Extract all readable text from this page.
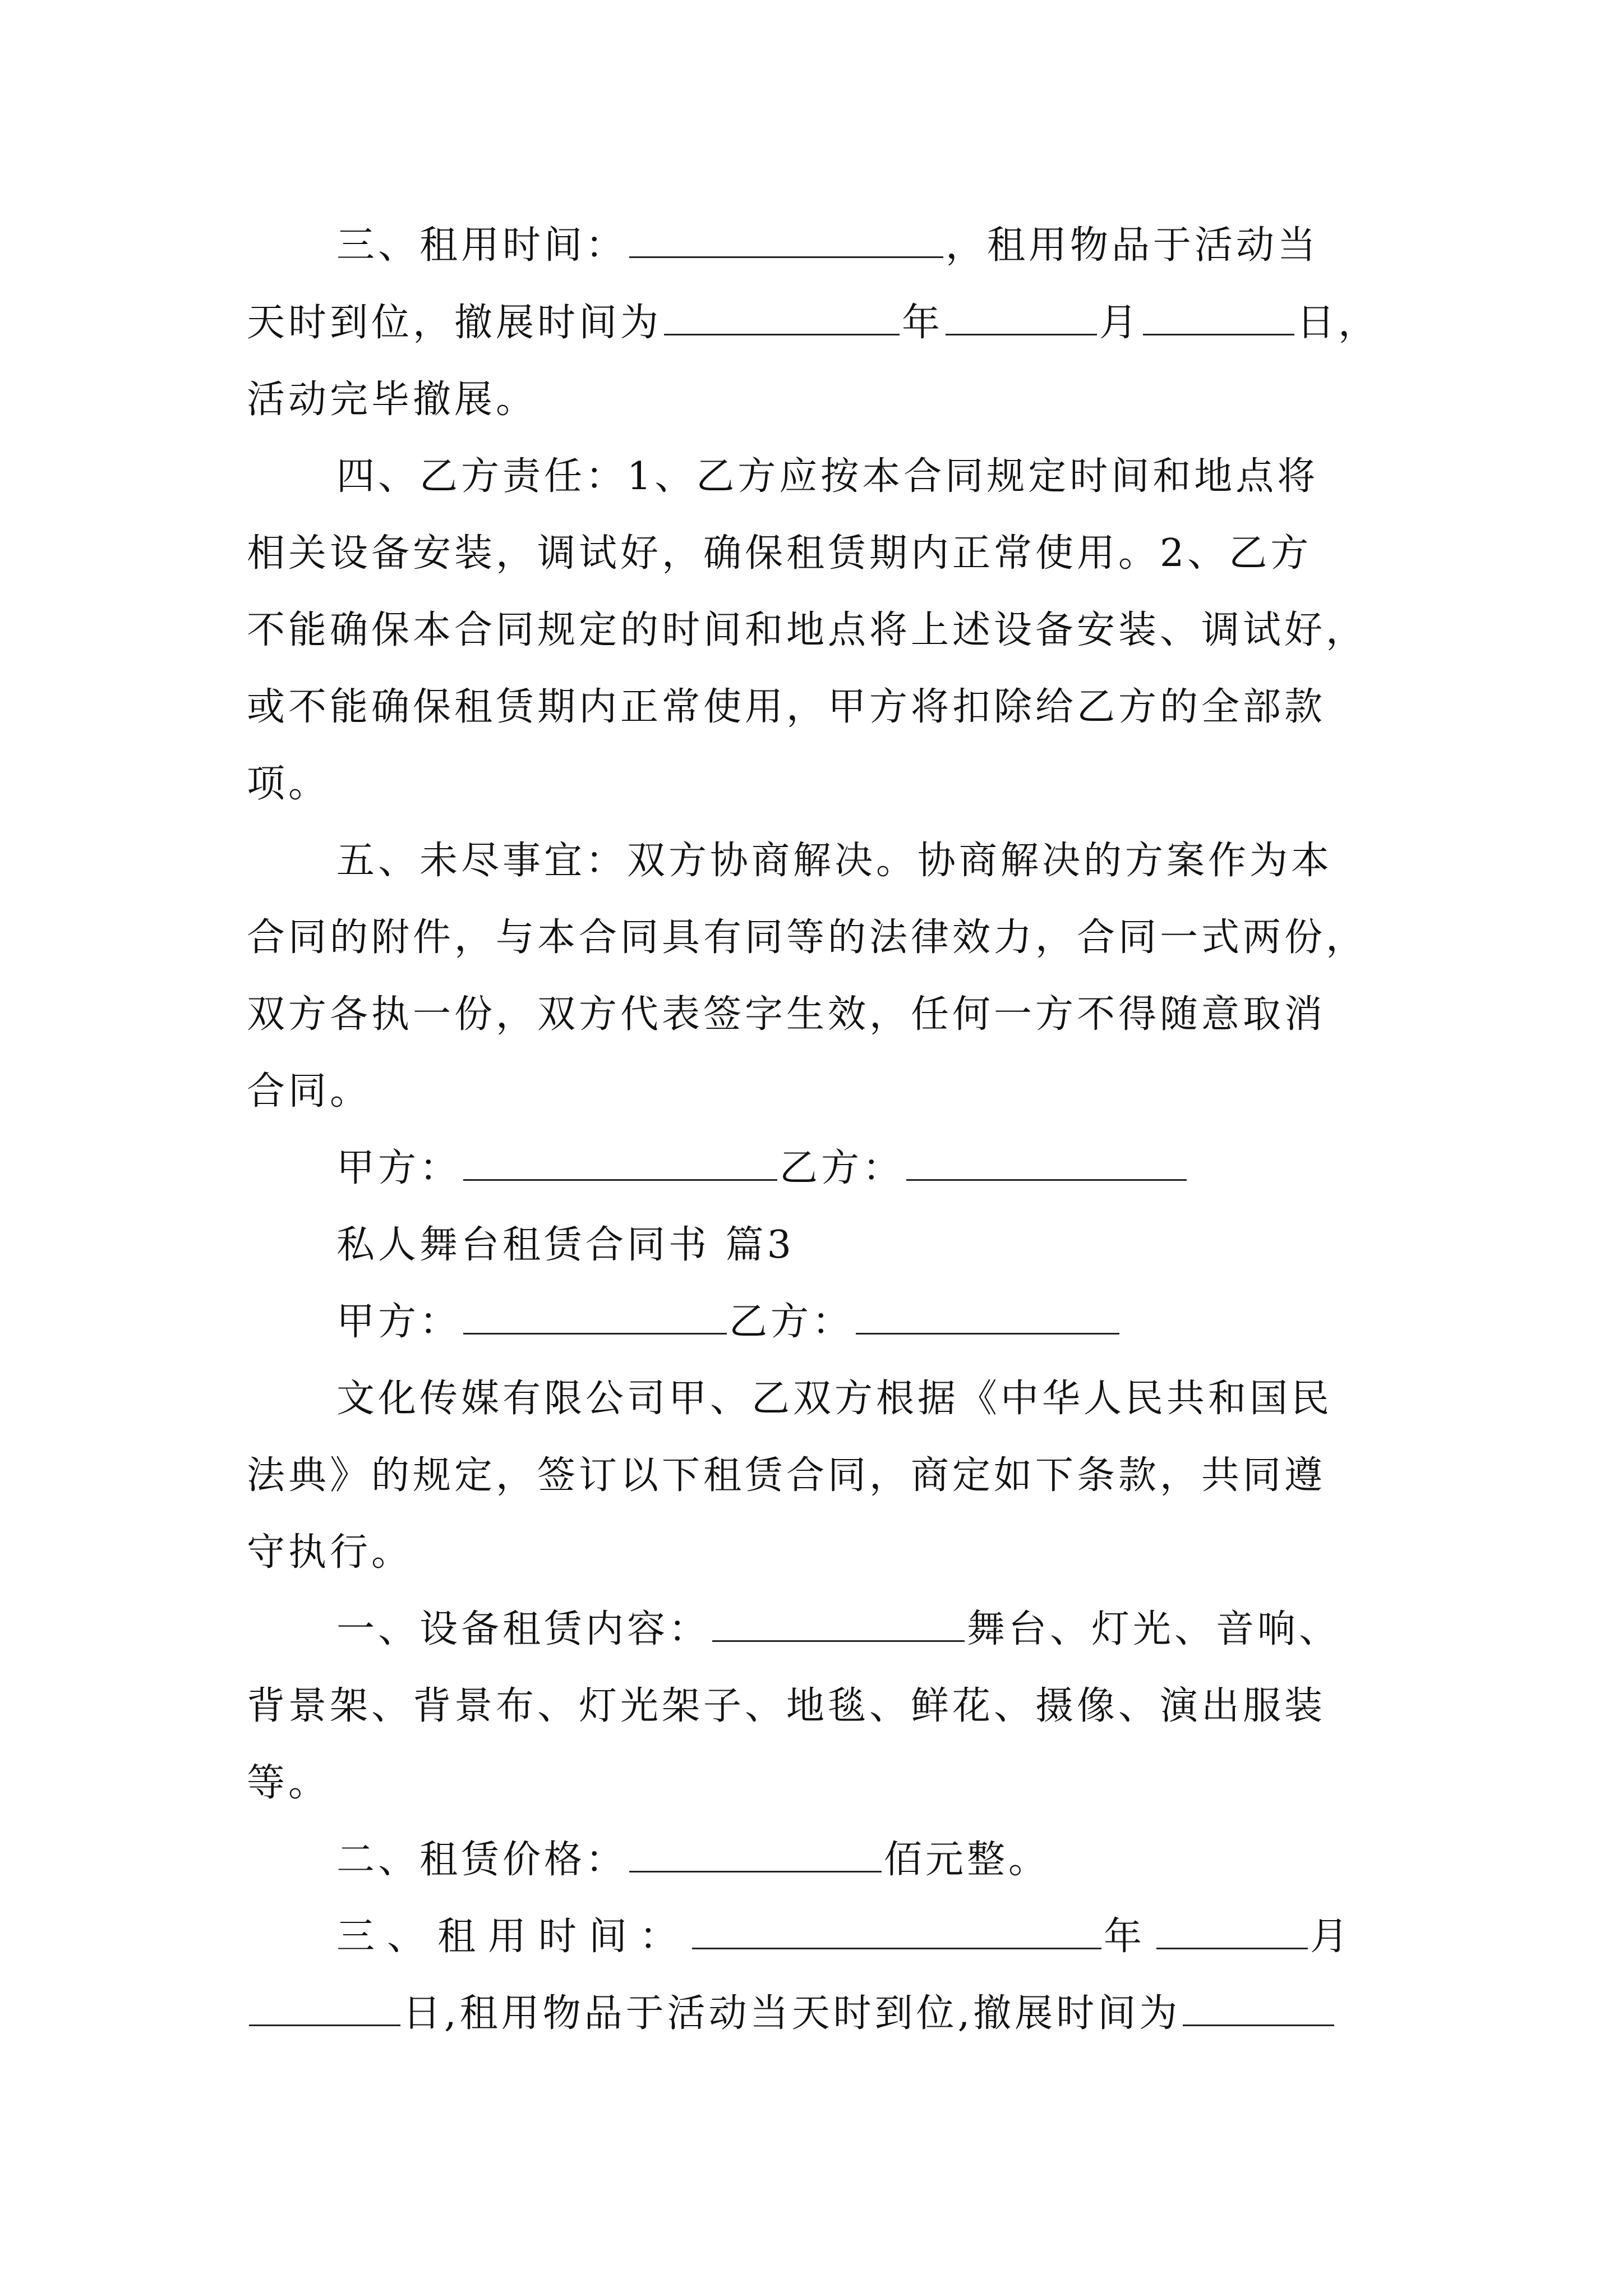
三、租用时间：	，租用物品于活动当
天时到位，撤展时间为	年	月	日，
活动完毕撤展。
四、乙方责任：1、乙方应按本合同规定时间和地点将
相关设备安装，调试好，确保租赁期内正常使用。2、乙方
不能确保本合同规定的时间和地点将上述设备安装、调试好，
或不能确保租赁期内正常使用，甲方将扣除给乙方的全部款
项。
五、未尽事宜：双方协商解决。协商解决的方案作为本
合同的附件，与本合同具有同等的法律效力，合同一式两份，
双方各执一份，双方代表签字生效，任何一方不得随意取消
合同。
甲方：	乙方：
私人舞台租赁合同书 篇3
甲方：	乙方：
文化传媒有限公司甲、乙双方根据《中华人民共和国民
法典》的规定，签订以下租赁合同，商定如下条款，共同遵
守执行。
一、设备租赁内容：	舞台、灯光、音响、
背景架、背景布、灯光架子、地毯、鲜花、摄像、演出服装
等。
二、租赁价格：	佰元整。
三、租用时间：	年	月
日,租用物品于活动当天时到位,撤展时间为
